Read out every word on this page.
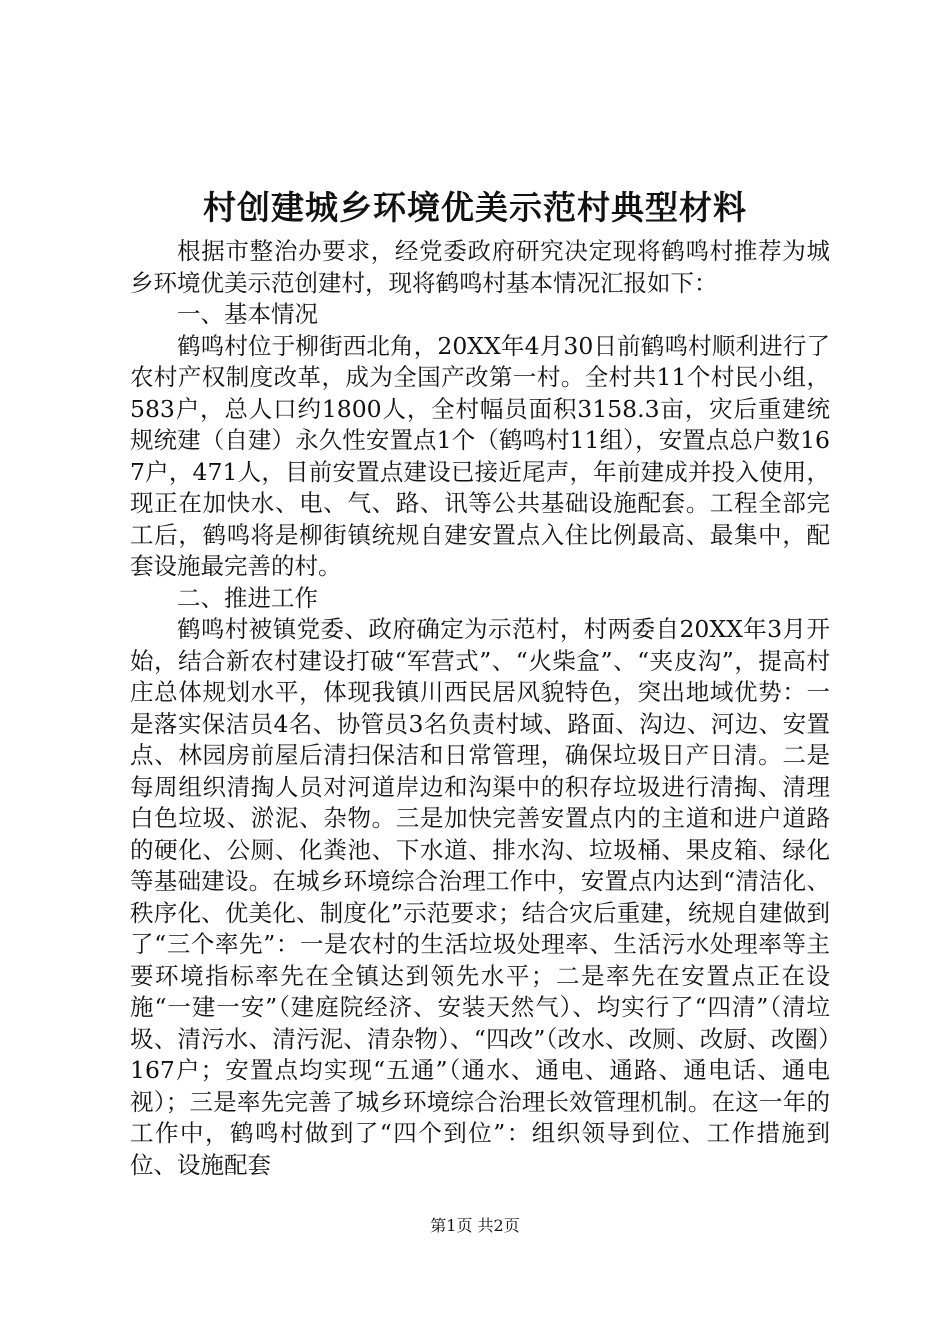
村创建城乡环境优美示范村典型材料

根据市整治办要求，经党委政府研究决定现将鹤鸣村推荐为城乡环境优美示范创建村，现将鹤鸣村基本情况汇报如下：

一、基本情况

鹤鸣村位于柳街西北角，20XX年4月30日前鹤鸣村顺利进行了农村产权制度改革，成为全国产改第一村。全村共11个村民小组，583户，总人口约1800人，全村幅员面积3158.3亩，灾后重建统规统建（自建）永久性安置点1个（鹤鸣村11组），安置点总户数167户，471人，目前安置点建设已接近尾声，年前建成并投入使用，现正在加快水、电、气、路、讯等公共基础设施配套。工程全部完工后，鹤鸣将是柳街镇统规自建安置点入住比例最高、最集中，配套设施最完善的村。

二、推进工作

鹤鸣村被镇党委、政府确定为示范村，村两委自20XX年3月开始，结合新农村建设打破“军营式”、“火柴盒”、“夹皮沟”，提高村庄总体规划水平，体现我镇川西民居风貌特色，突出地域优势：一是落实保洁员4名、协管员3名负责村域、路面、沟边、河边、安置点、林园房前屋后清扫保洁和日常管理，确保垃圾日产日清。二是每周组织清掏人员对河道岸边和沟渠中的积存垃圾进行清掏、清理白色垃圾、淤泥、杂物。三是加快完善安置点内的主道和进户道路的硬化、公厕、化粪池、下水道、排水沟、垃圾桶、果皮箱、绿化等基础建设。在城乡环境综合治理工作中，安置点内达到“清洁化、秩序化、优美化、制度化”示范要求；结合灾后重建，统规自建做到了“三个率先”：一是农村的生活垃圾处理率、生活污水处理率等主要环境指标率先在全镇达到领先水平；二是率先在安置点正在设施“一建一安”（建庭院经济、安装天然气）、均实行了“四清”（清垃圾、清污水、清污泥、清杂物）、“四改”（改水、改厕、改厨、改圈）167户；安置点均实现“五通”（通水、通电、通路、通电话、通电视）；三是率先完善了城乡环境综合治理长效管理机制。在这一年的工作中，鹤鸣村做到了“四个到位”：组织领导到位、工作措施到位、设施配套

第1页 共2页
